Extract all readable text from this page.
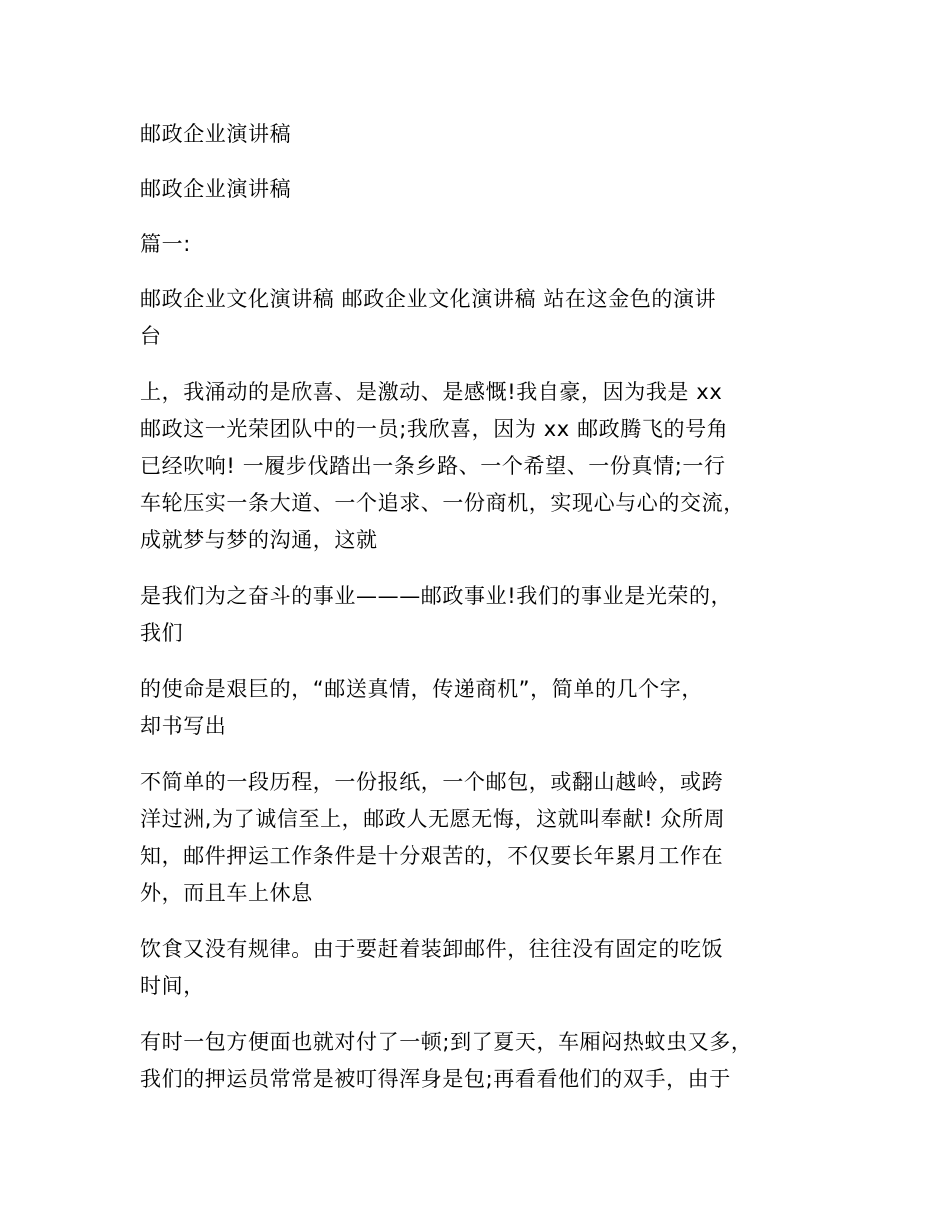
邮政企业演讲稿

邮政企业演讲稿

篇一:

邮政企业文化演讲稿 邮政企业文化演讲稿 站在这金色的演讲
台

上，我涌动的是欣喜、是激动、是感慨!我自豪，因为我是 xx
邮政这一光荣团队中的一员;我欣喜，因为 xx 邮政腾飞的号角
已经吹响! 一履步伐踏出一条乡路、一个希望、一份真情;一行
车轮压实一条大道、一个追求、一份商机，实现心与心的交流，
成就梦与梦的沟通，这就

是我们为之奋斗的事业———邮政事业!我们的事业是光荣的，
我们

的使命是艰巨的，“邮送真情，传递商机”，简单的几个字，
却书写出

不简单的一段历程，一份报纸，一个邮包，或翻山越岭，或跨
洋过洲,为了诚信至上，邮政人无愿无悔，这就叫奉献! 众所周
知，邮件押运工作条件是十分艰苦的，不仅要长年累月工作在
外，而且车上休息

饮食又没有规律。由于要赶着装卸邮件，往往没有固定的吃饭
时间，

有时一包方便面也就对付了一顿;到了夏天，车厢闷热蚊虫又多，
我们的押运员常常是被叮得浑身是包;再看看他们的双手，由于
